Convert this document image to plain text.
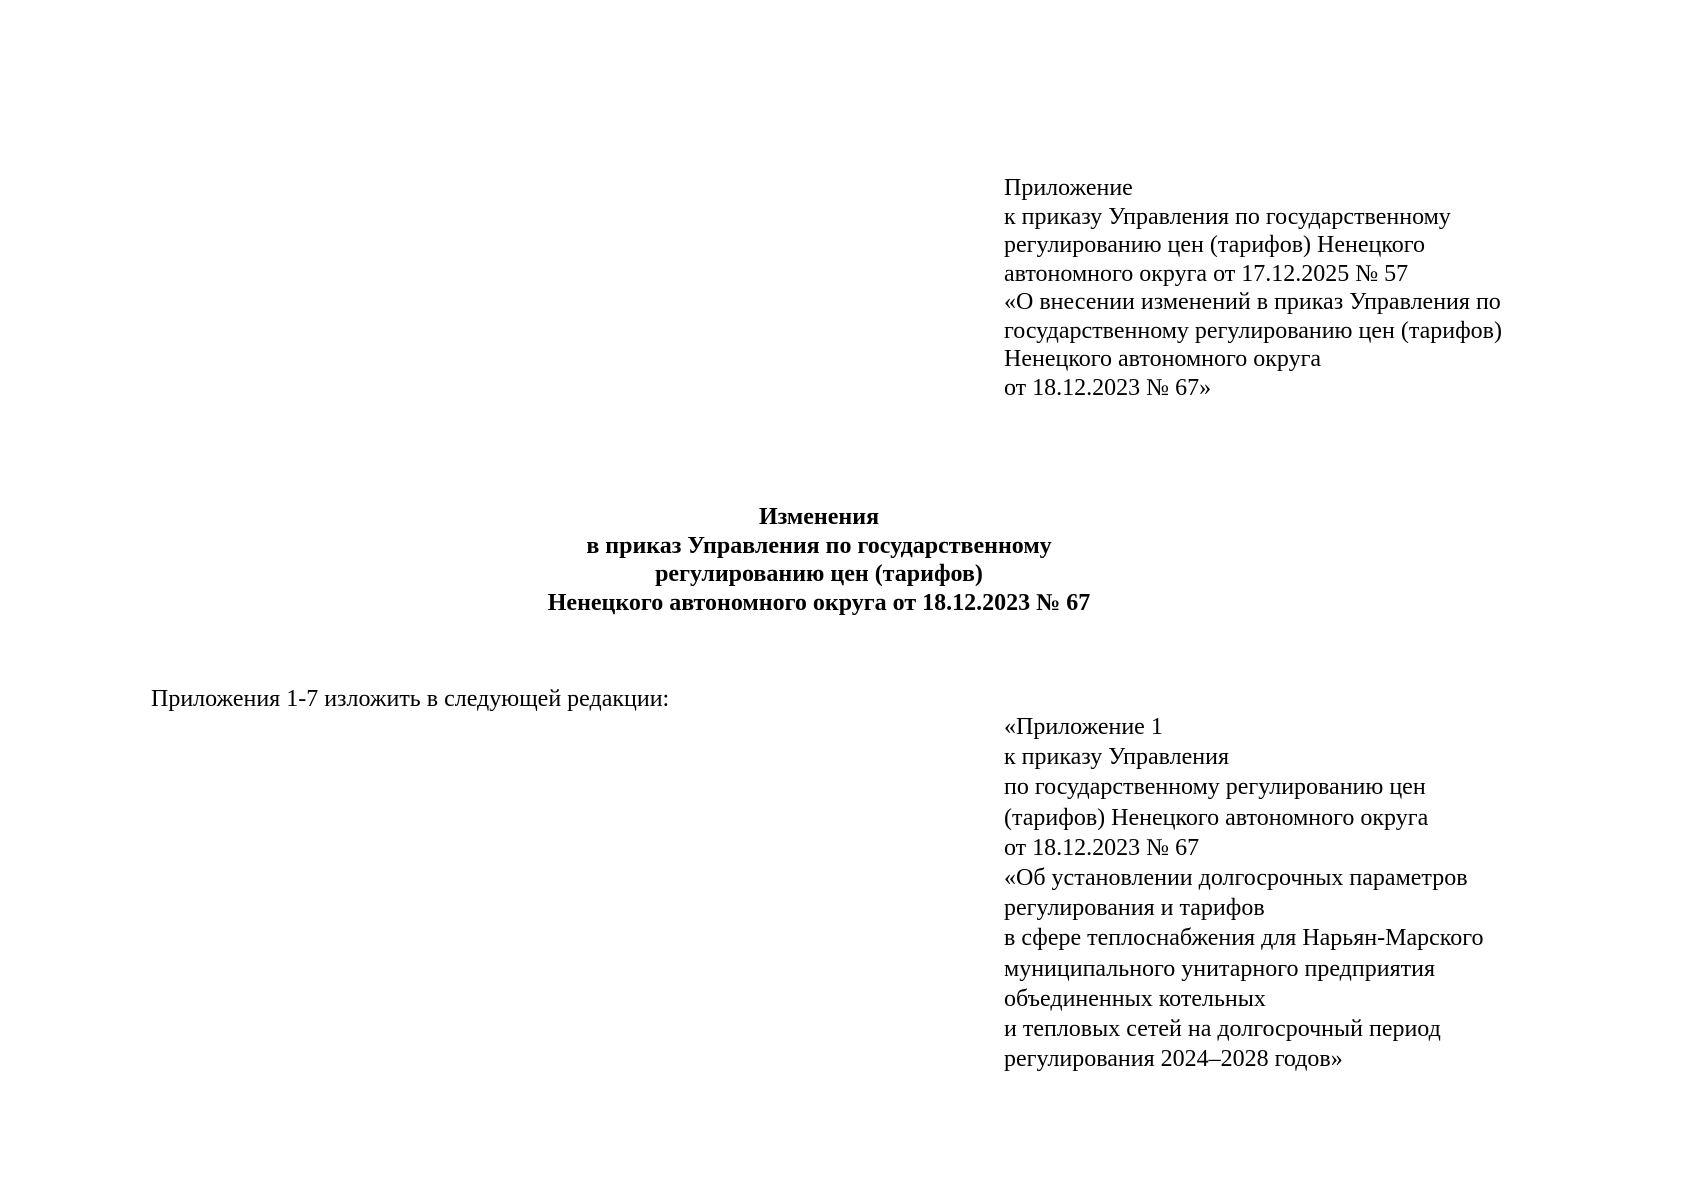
Приложение
к приказу Управления по государственному
регулированию цен (тарифов) Ненецкого
автономного округа от 17.12.2025 № 57
«О внесении изменений в приказ Управления по
государственному регулированию цен (тарифов)
Ненецкого автономного округа
от 18.12.2023 № 67»
Изменения
в приказ Управления по государственному
регулированию цен (тарифов)
Ненецкого автономного округа от 18.12.2023 № 67
Приложения 1-7 изложить в следующей редакции:
«Приложение 1
к приказу Управления
по государственному регулированию цен
(тарифов) Ненецкого автономного округа
от 18.12.2023 № 67
«Об установлении долгосрочных параметров
регулирования и тарифов
в сфере теплоснабжения для Нарьян-Марского
муниципального унитарного предприятия
объединенных котельных
и тепловых сетей на долгосрочный период
регулирования 2024–2028 годов»
